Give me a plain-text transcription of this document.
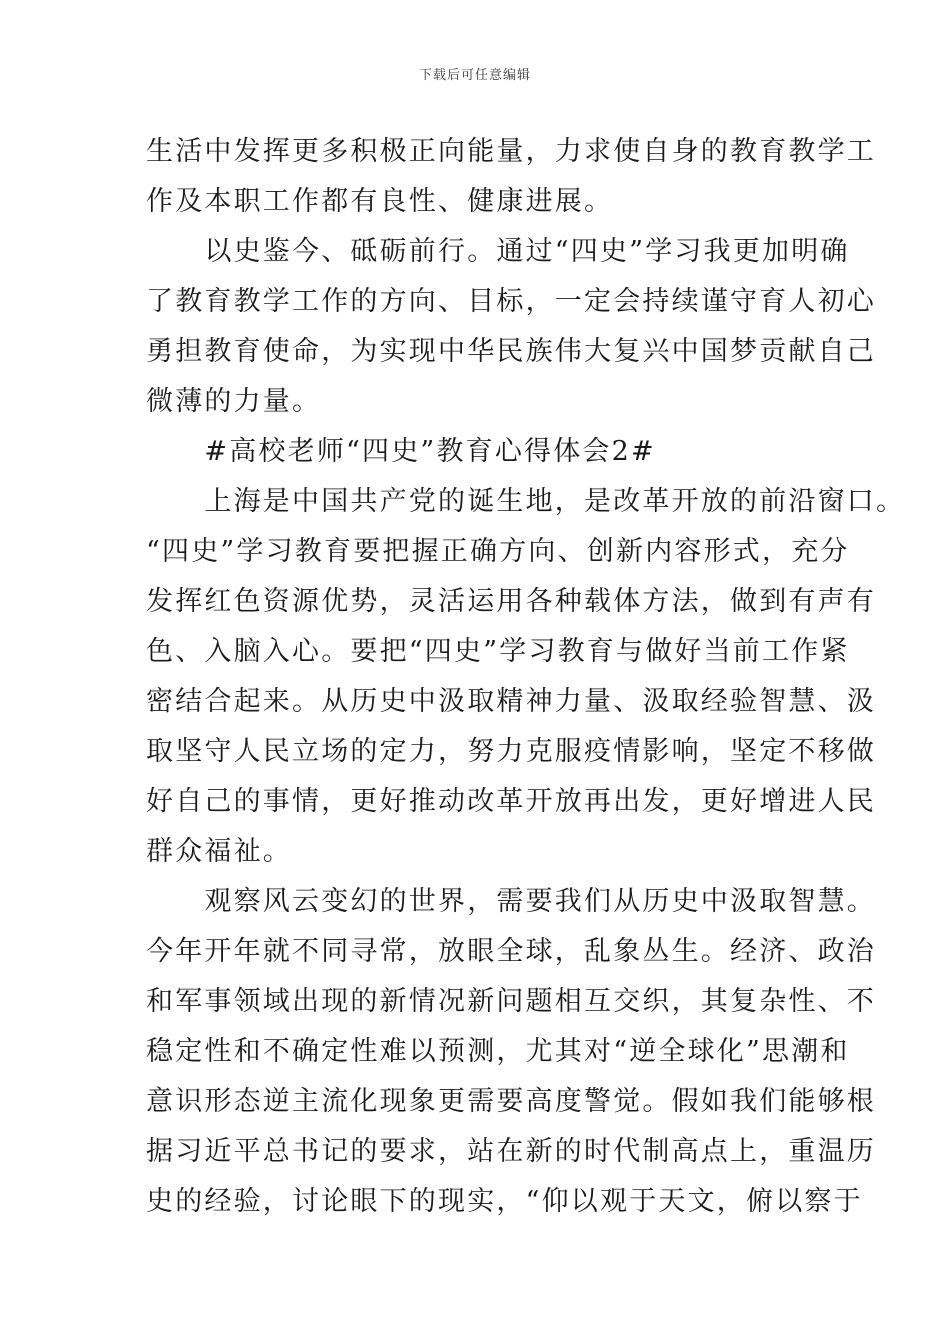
下载后可任意编辑
生活中发挥更多积极正向能量，力求使自身的教育教学工
作及本职工作都有良性、健康进展。
　　以史鉴今、砥砺前行。通过“四史”学习我更加明确
了教育教学工作的方向、目标，一定会持续谨守育人初心
勇担教育使命，为实现中华民族伟大复兴中国梦贡献自己
微薄的力量。
　　#高校老师“四史”教育心得体会2#
　　上海是中国共产党的诞生地，是改革开放的前沿窗口。
“四史”学习教育要把握正确方向、创新内容形式，充分
发挥红色资源优势，灵活运用各种载体方法，做到有声有
色、入脑入心。要把“四史”学习教育与做好当前工作紧
密结合起来。从历史中汲取精神力量、汲取经验智慧、汲
取坚守人民立场的定力，努力克服疫情影响，坚定不移做
好自己的事情，更好推动改革开放再出发，更好增进人民
群众福祉。
　　观察风云变幻的世界，需要我们从历史中汲取智慧。
今年开年就不同寻常，放眼全球，乱象丛生。经济、政治
和军事领域出现的新情况新问题相互交织，其复杂性、不
稳定性和不确定性难以预测，尤其对“逆全球化”思潮和
意识形态逆主流化现象更需要高度警觉。假如我们能够根
据习近平总书记的要求，站在新的时代制高点上，重温历
史的经验，讨论眼下的现实，“仰以观于天文，俯以察于
